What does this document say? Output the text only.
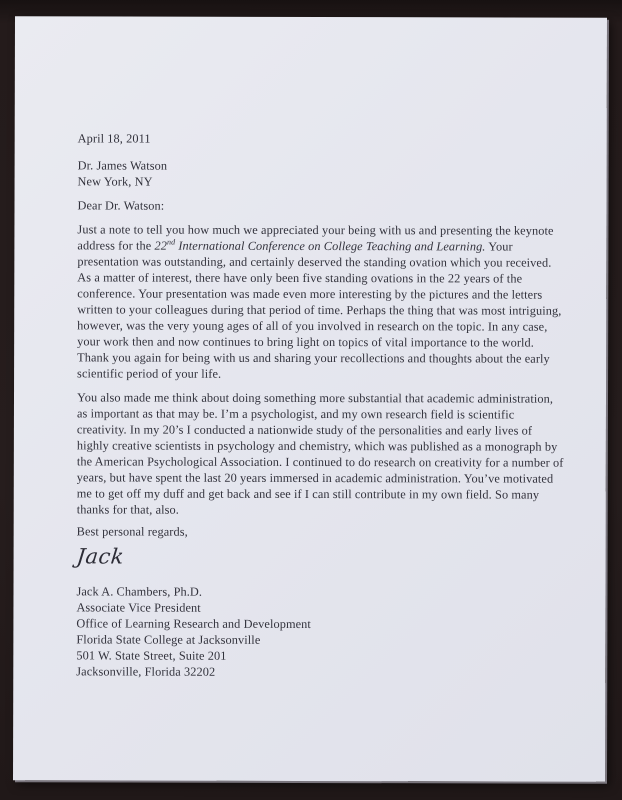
April 18, 2011
Dr. James Watson
New York, NY
Dear Dr. Watson:
Just a note to tell you how much we appreciated your being with us and presenting the keynote
address for the 22nd International Conference on College Teaching and Learning. Your
presentation was outstanding, and certainly deserved the standing ovation which you received.
As a matter of interest, there have only been five standing ovations in the 22 years of the
conference. Your presentation was made even more interesting by the pictures and the letters
written to your colleagues during that period of time. Perhaps the thing that was most intriguing,
however, was the very young ages of all of you involved in research on the topic. In any case,
your work then and now continues to bring light on topics of vital importance to the world.
Thank you again for being with us and sharing your recollections and thoughts about the early
scientific period of your life.
You also made me think about doing something more substantial that academic administration,
as important as that may be. I’m a psychologist, and my own research field is scientific
creativity. In my 20’s I conducted a nationwide study of the personalities and early lives of
highly creative scientists in psychology and chemistry, which was published as a monograph by
the American Psychological Association. I continued to do research on creativity for a number of
years, but have spent the last 20 years immersed in academic administration. You’ve motivated
me to get off my duff and get back and see if I can still contribute in my own field. So many
thanks for that, also.
Best personal regards,
Jack
Jack A. Chambers, Ph.D.
Associate Vice President
Office of Learning Research and Development
Florida State College at Jacksonville
501 W. State Street, Suite 201
Jacksonville, Florida 32202
